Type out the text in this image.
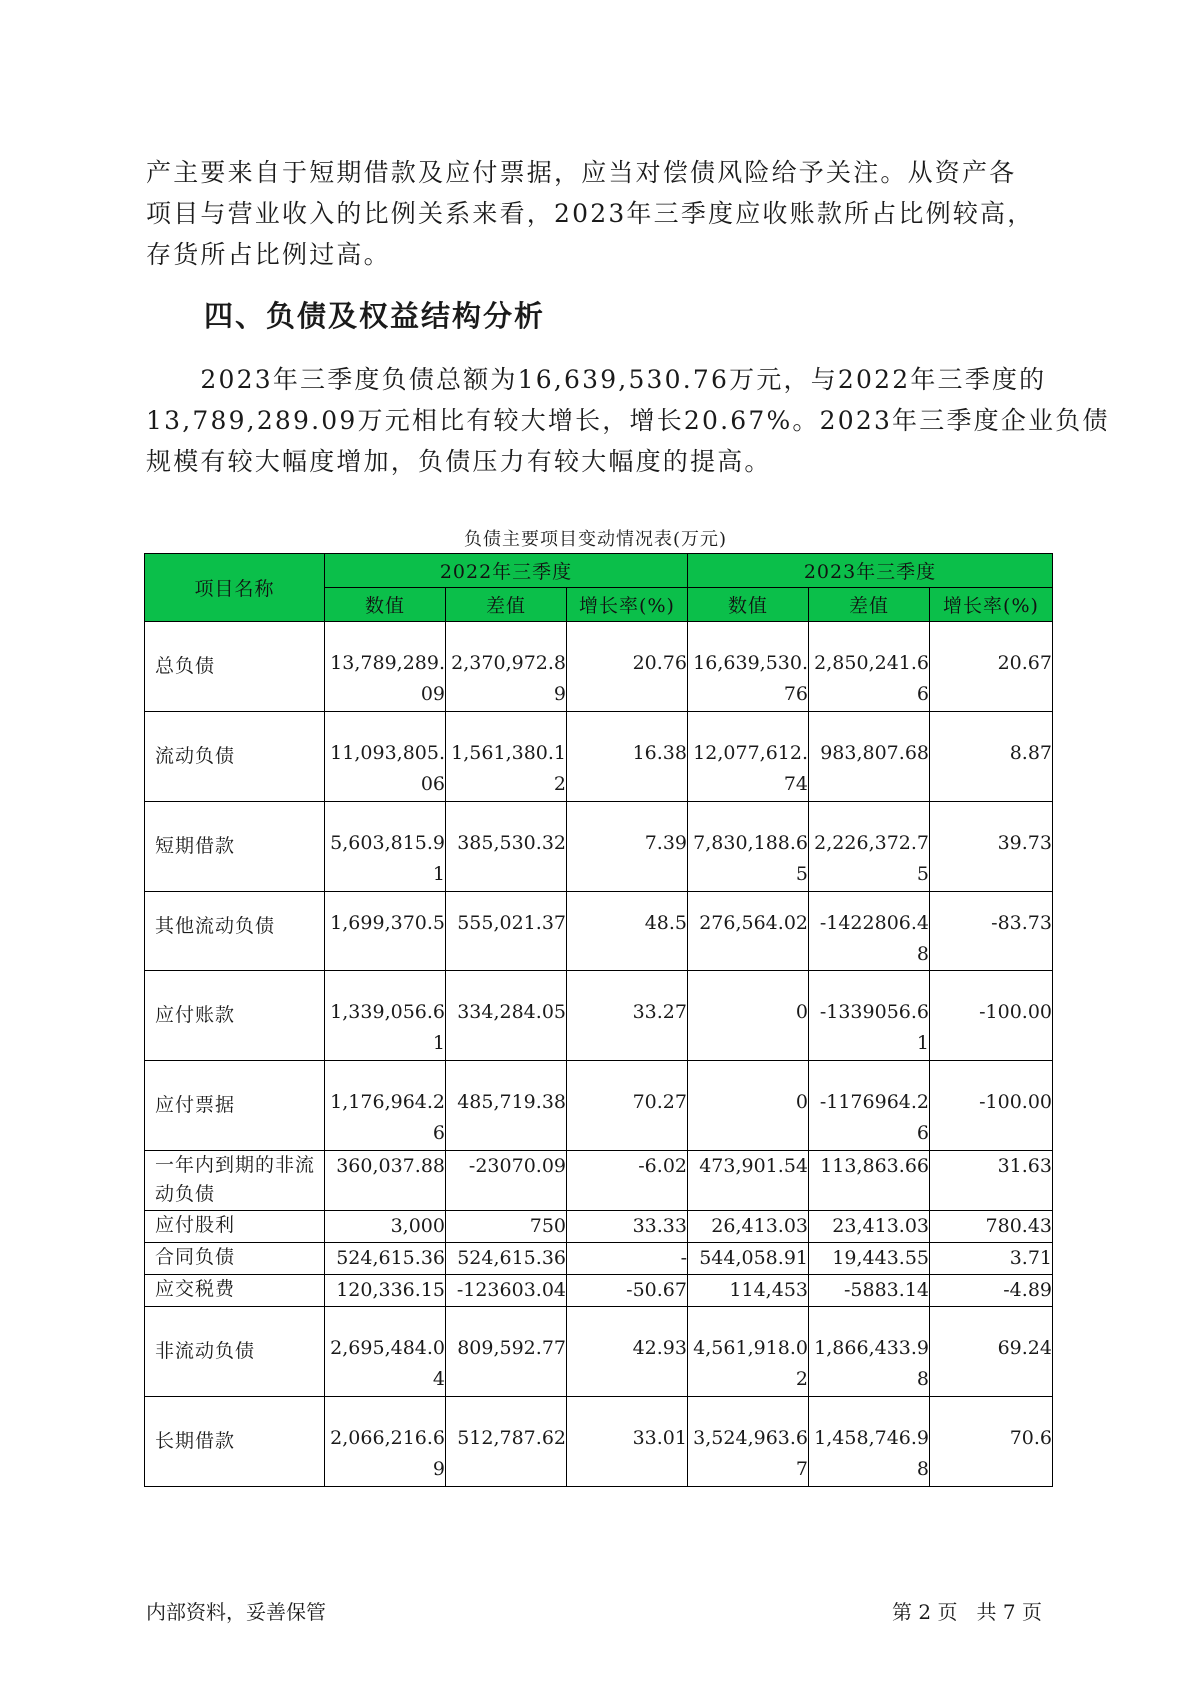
产主要来自于短期借款及应付票据，应当对偿债风险给予关注。从资产各
项目与营业收入的比例关系来看，2023年三季度应收账款所占比例较高，
存货所占比例过高。
四、负债及权益结构分析
　　2023年三季度负债总额为16,639,530.76万元，与2022年三季度的
13,789,289.09万元相比有较大增长，增长20.67%。2023年三季度企业负债
规模有较大幅度增加，负债压力有较大幅度的提高。
负债主要项目变动情况表(万元)
项目名称	2022年三季度			2023年三季度		
	数值	差值	增长率(%)	数值	差值	增长率(%)
总负债	13,789,289.09	2,370,972.89	20.76	16,639,530.76	2,850,241.66	20.67
流动负债	11,093,805.06	1,561,380.12	16.38	12,077,612.74	983,807.68	8.87
短期借款	5,603,815.91	385,530.32	7.39	7,830,188.65	2,226,372.75	39.73
其他流动负债	1,699,370.5	555,021.37	48.5	276,564.02	-1422806.48	-83.73
应付账款	1,339,056.61	334,284.05	33.27	0	-1339056.61	-100.00
应付票据	1,176,964.26	485,719.38	70.27	0	-1176964.26	-100.00
一年内到期的非流动负债	360,037.88	-23070.09	-6.02	473,901.54	113,863.66	31.63
应付股利	3,000	750	33.33	26,413.03	23,413.03	780.43
合同负债	524,615.36	524,615.36	-	544,058.91	19,443.55	3.71
应交税费	120,336.15	-123603.04	-50.67	114,453	-5883.14	-4.89
非流动负债	2,695,484.04	809,592.77	42.93	4,561,918.02	1,866,433.98	69.24
长期借款	2,066,216.69	512,787.62	33.01	3,524,963.67	1,458,746.98	70.6
内部资料，妥善保管	第 2 页   共 7 页
